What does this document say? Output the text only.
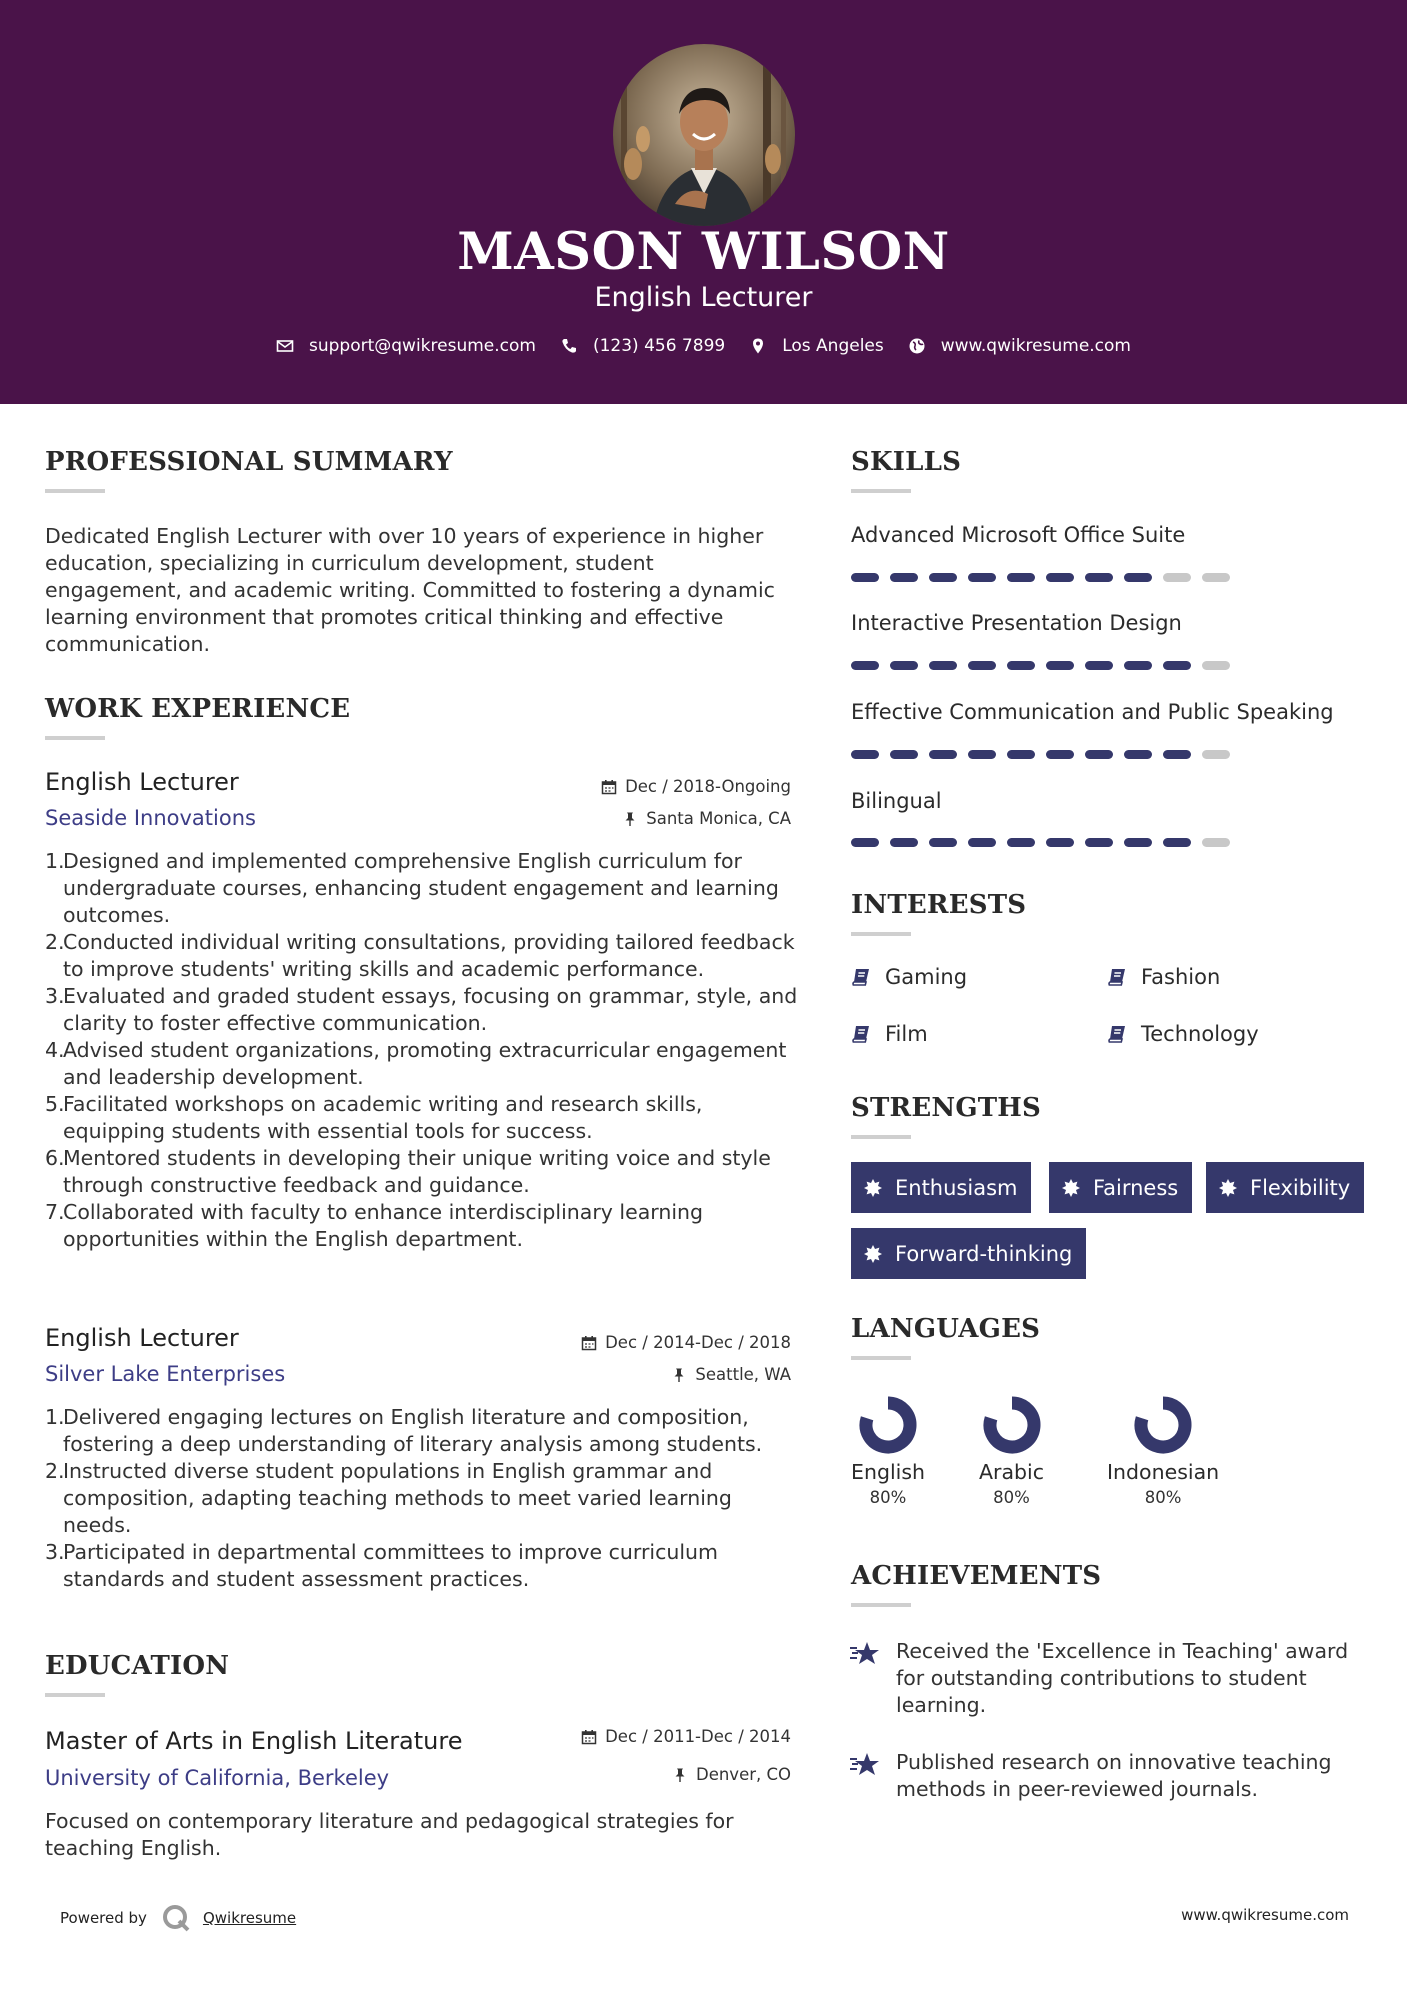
MASON WILSON
English Lecturer
support@qwikresume.com	(123) 456 7899	Los Angeles	www.qwikresume.com
PROFESSIONAL SUMMARY
Dedicated English Lecturer with over 10 years of experience in higher education, specializing in curriculum development, student engagement, and academic writing. Committed to fostering a dynamic learning environment that promotes critical thinking and effective communication.
WORK EXPERIENCE
English Lecturer	Dec / 2018-Ongoing
Seaside Innovations	Santa Monica, CA
1.
Designed and implemented comprehensive English curriculum for undergraduate courses, enhancing student engagement and learning outcomes.
2.
Conducted individual writing consultations, providing tailored feedback to improve students' writing skills and academic performance.
3.
Evaluated and graded student essays, focusing on grammar, style, and clarity to foster effective communication.
4.
Advised student organizations, promoting extracurricular engagement and leadership development.
5.
Facilitated workshops on academic writing and research skills, equipping students with essential tools for success.
6.
Mentored students in developing their unique writing voice and style through constructive feedback and guidance.
7.
Collaborated with faculty to enhance interdisciplinary learning opportunities within the English department.
English Lecturer	Dec / 2014-Dec / 2018
Silver Lake Enterprises	Seattle, WA
1.
Delivered engaging lectures on English literature and composition, fostering a deep understanding of literary analysis among students.
2.
Instructed diverse student populations in English grammar and composition, adapting teaching methods to meet varied learning needs.
3.
Participated in departmental committees to improve curriculum standards and student assessment practices.
EDUCATION
Master of Arts in English Literature	Dec / 2011-Dec / 2014
University of California, Berkeley	Denver, CO
Focused on contemporary literature and pedagogical strategies for teaching English.
SKILLS
Advanced Microsoft Office Suite
Interactive Presentation Design
Effective Communication and Public Speaking
Bilingual
INTERESTS
Gaming	Fashion
Film	Technology
STRENGTHS
Enthusiasm	Fairness	Flexibility
Forward-thinking
LANGUAGES
English
80%
Arabic
80%
Indonesian
80%
ACHIEVEMENTS
Received the 'Excellence in Teaching' award for outstanding contributions to student learning.
Published research on innovative teaching methods in peer-reviewed journals.
Powered by	Qwikresume	www.qwikresume.com
